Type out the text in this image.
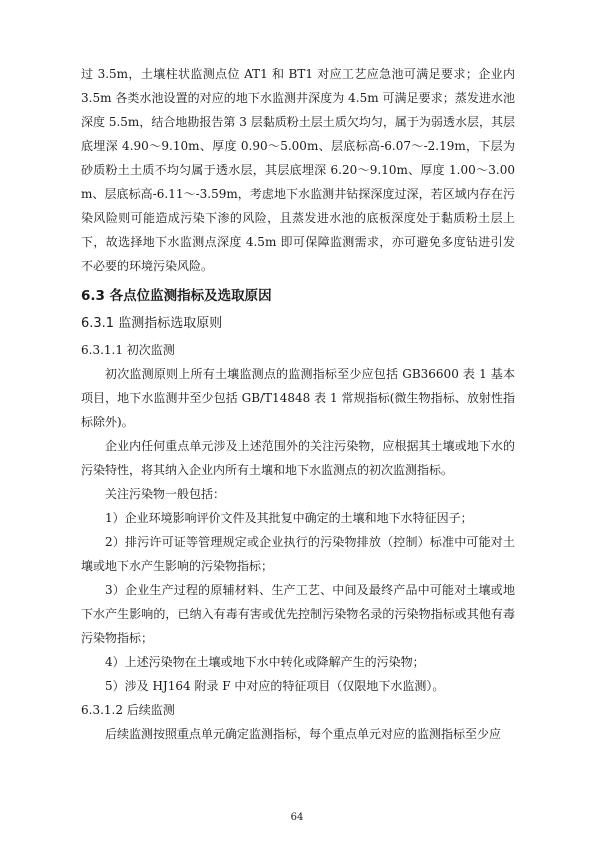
过 3.5m，土壤柱状监测点位 AT1 和 BT1 对应工艺应急池可满足要求；企业内 3.5m 各类水池设置的对应的地下水监测井深度为 4.5m 可满足要求；蒸发进水池深度 5.5m，结合地勘报告第 3 层黏质粉土层土质欠均匀，属于为弱透水层，其层底埋深 4.90～9.10m、厚度 0.90～5.00m、层底标高-6.07～-2.19m，下层为砂质粉土土质不均匀属于透水层，其层底埋深 6.20～9.10m、厚度 1.00～3.00m、层底标高-6.11～-3.59m，考虑地下水监测井钻探深度过深，若区域内存在污染风险则可能造成污染下渗的风险，且蒸发进水池的底板深度处于黏质粉土层上下，故选择地下水监测点深度 4.5m 即可保障监测需求，亦可避免多度钻进引发不必要的环境污染风险。

6.3 各点位监测指标及选取原因
6.3.1 监测指标选取原则
6.3.1.1 初次监测

初次监测原则上所有土壤监测点的监测指标至少应包括 GB36600 表 1 基本项目，地下水监测井至少包括 GB/T14848 表 1 常规指标(微生物指标、放射性指标除外)。

企业内任何重点单元涉及上述范围外的关注污染物，应根据其土壤或地下水的污染特性，将其纳入企业内所有土壤和地下水监测点的初次监测指标。

关注污染物一般包括：

1）企业环境影响评价文件及其批复中确定的土壤和地下水特征因子；

2）排污许可证等管理规定或企业执行的污染物排放（控制）标准中可能对土壤或地下水产生影响的污染物指标；

3）企业生产过程的原辅材料、生产工艺、中间及最终产品中可能对土壤或地下水产生影响的，已纳入有毒有害或优先控制污染物名录的污染物指标或其他有毒污染物指标；

4）上述污染物在土壤或地下水中转化或降解产生的污染物；

5）涉及 HJ164 附录 F 中对应的特征项目（仅限地下水监测）。

6.3.1.2 后续监测

后续监测按照重点单元确定监测指标，每个重点单元对应的监测指标至少应

64
